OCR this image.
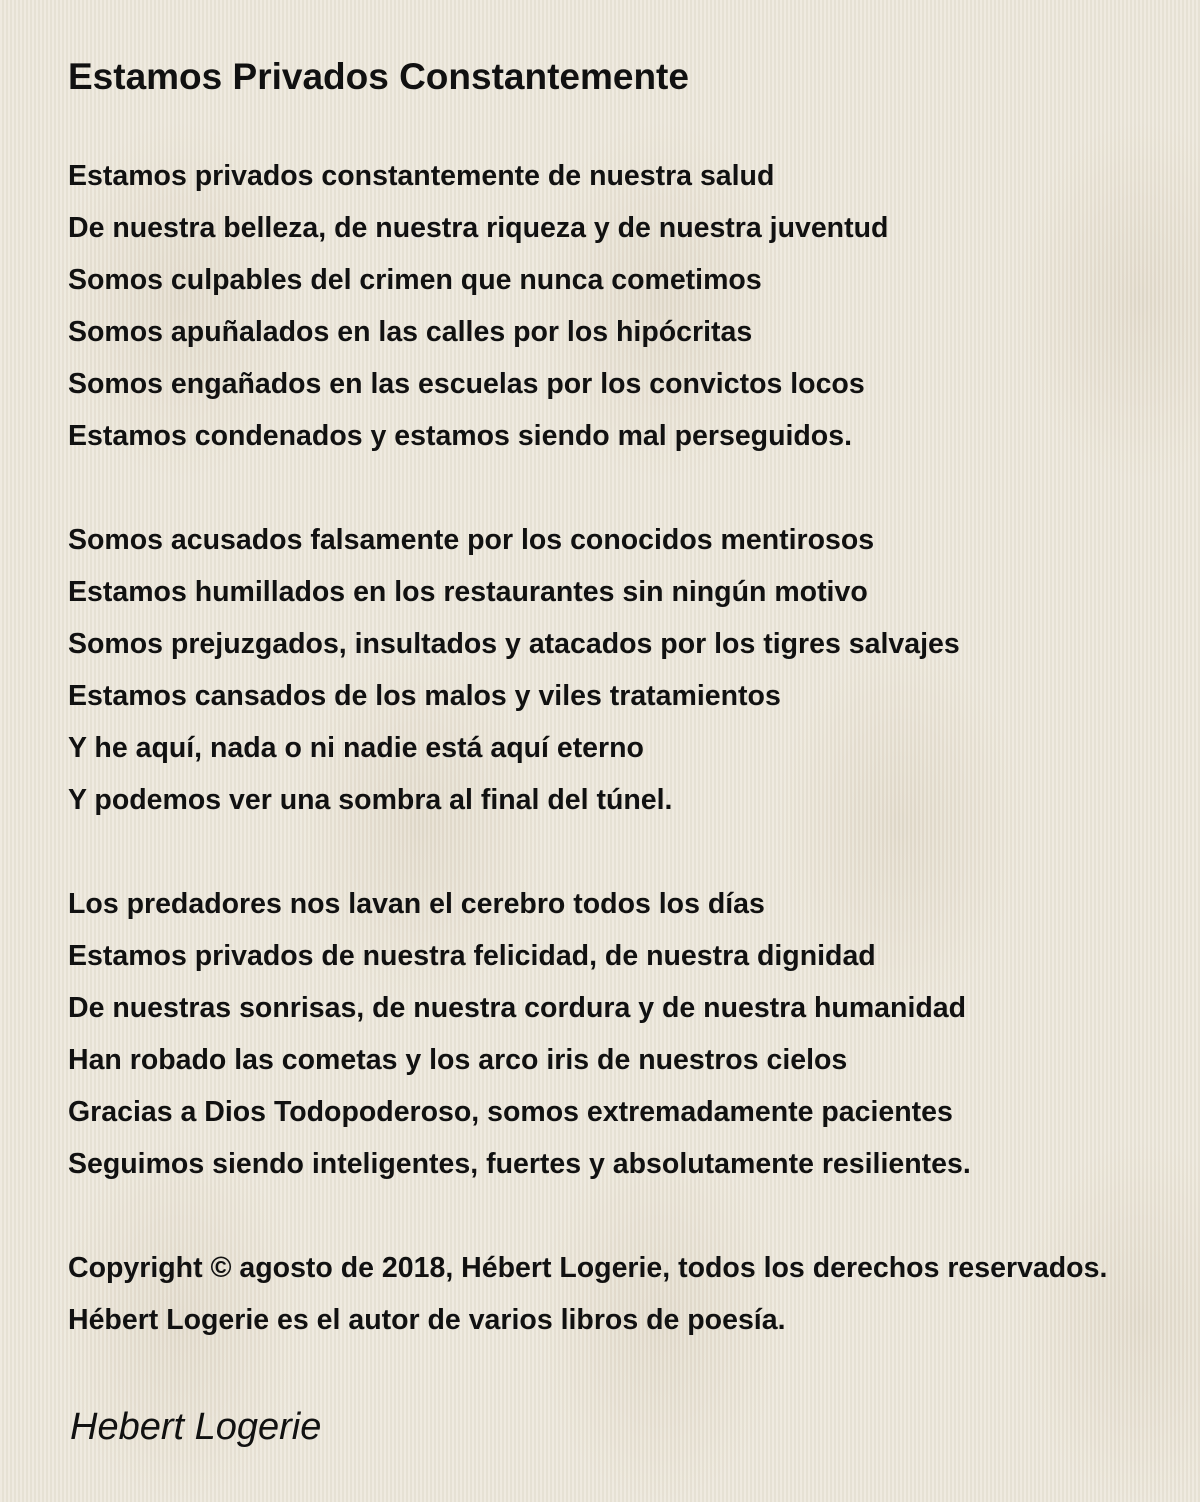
Estamos Privados Constantemente
Estamos privados constantemente de nuestra salud
De nuestra belleza, de nuestra riqueza y de nuestra juventud
Somos culpables del crimen que nunca cometimos
Somos apuñalados en las calles por los hipócritas
Somos engañados en las escuelas por los convictos locos
Estamos condenados y estamos siendo mal perseguidos.
Somos acusados falsamente por los conocidos mentirosos
Estamos humillados en los restaurantes sin ningún motivo
Somos prejuzgados, insultados y atacados por los tigres salvajes
Estamos cansados de los malos y viles tratamientos
Y he aquí, nada o ni nadie está aquí eterno
Y podemos ver una sombra al final del túnel.
Los predadores nos lavan el cerebro todos los días
Estamos privados de nuestra felicidad, de nuestra dignidad
De nuestras sonrisas, de nuestra cordura y de nuestra humanidad
Han robado las cometas y los arco iris de nuestros cielos
Gracias a Dios Todopoderoso, somos extremadamente pacientes
Seguimos siendo inteligentes, fuertes y absolutamente resilientes.
Copyright © agosto de 2018, Hébert Logerie, todos los derechos reservados.
Hébert Logerie es el autor de varios libros de poesía.
Hebert Logerie
